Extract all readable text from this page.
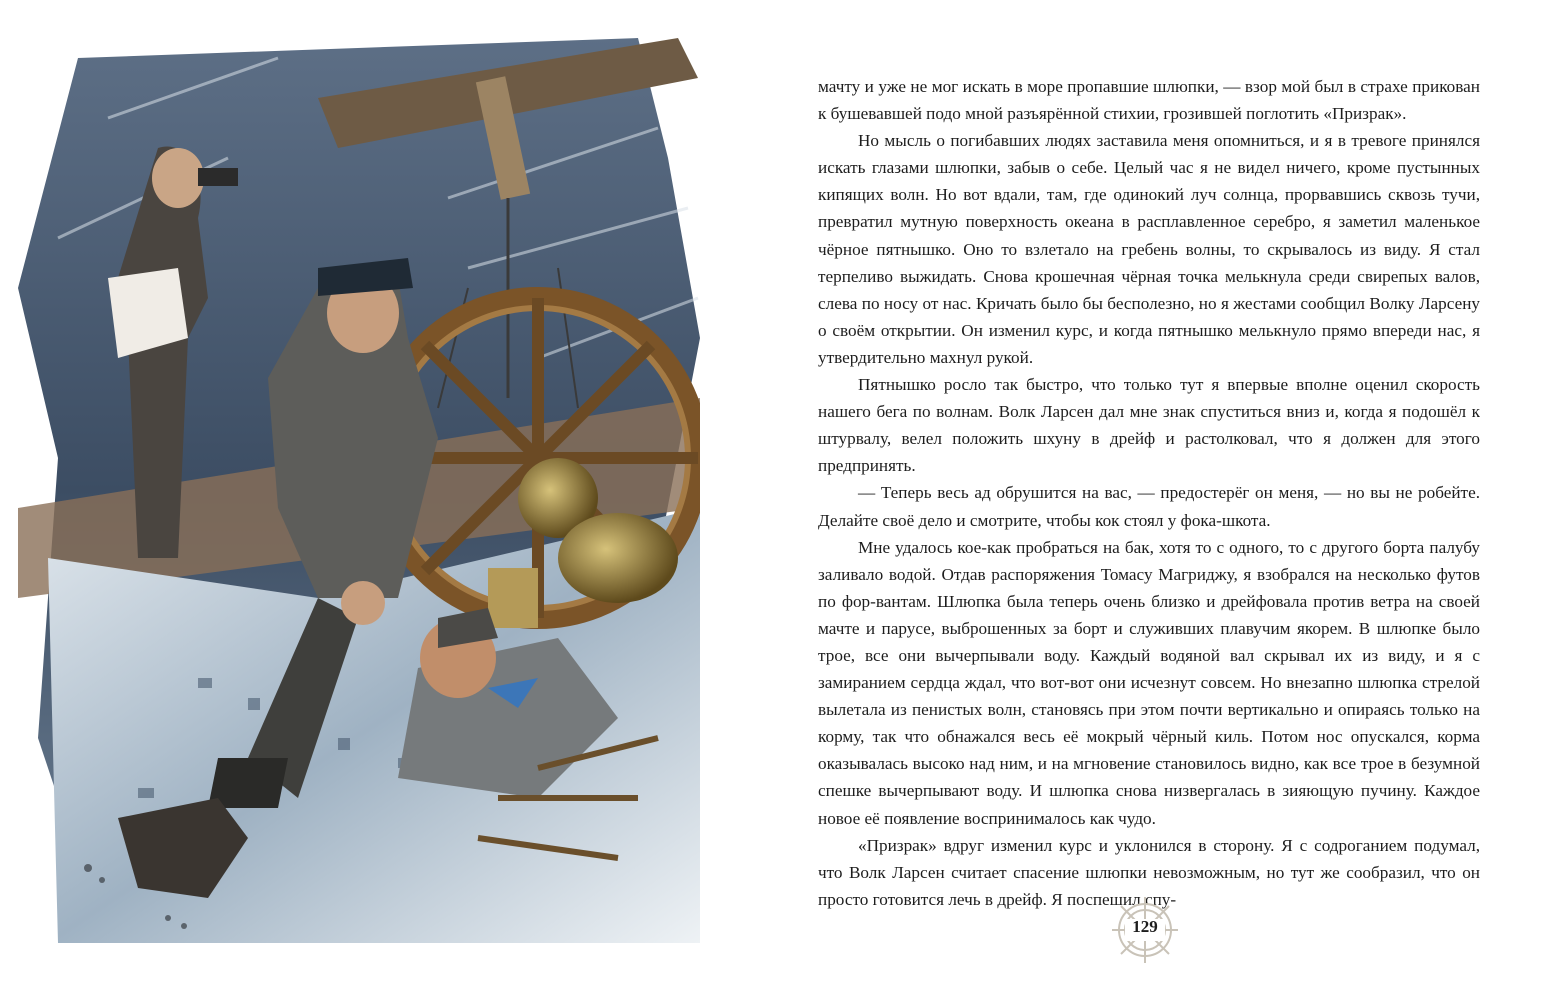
мачту и уже не мог искать в море пропавшие шлюпки, — взор мой был в страхе прикован к бушевавшей подо мной разъярённой стихии, грозившей поглотить «Призрак».

Но мысль о погибавших людях заставила меня опомниться, и я в тревоге принялся искать глазами шлюпки, забыв о себе. Целый час я не видел ничего, кроме пустынных кипящих волн. Но вот вдали, там, где одинокий луч солнца, прорвавшись сквозь тучи, превратил мутную поверхность океана в расплавленное серебро, я заметил маленькое чёрное пятнышко. Оно то взлетало на гребень волны, то скрывалось из виду. Я стал терпеливо выжидать. Снова крошечная чёрная точка мелькнула среди свирепых валов, слева по носу от нас. Кричать было бы бесполезно, но я жестами сообщил Волку Ларсену о своём открытии. Он изменил курс, и когда пятнышко мелькнуло прямо впереди нас, я утвердительно махнул рукой.

Пятнышко росло так быстро, что только тут я впервые вполне оценил скорость нашего бега по волнам. Волк Ларсен дал мне знак спуститься вниз и, когда я подошёл к штурвалу, велел положить шхуну в дрейф и растолковал, что я должен для этого предпринять.

— Теперь весь ад обрушится на вас, — предостерёг он меня, — но вы не робейте. Делайте своё дело и смотрите, чтобы кок стоял у фока-шкота.

Мне удалось кое-как пробраться на бак, хотя то с одного, то с другого борта палубу заливало водой. Отдав распоряжения Томасу Магриджу, я взобрался на несколько футов по фор-вантам. Шлюпка была теперь очень близко и дрейфовала против ветра на своей мачте и парусе, выброшенных за борт и служивших плавучим якорем. В шлюпке было трое, все они вычерпывали воду. Каждый водяной вал скрывал их из виду, и я с замиранием сердца ждал, что вот-вот они исчезнут совсем. Но внезапно шлюпка стрелой вылетала из пенистых волн, становясь при этом почти вертикально и опираясь только на корму, так что обнажался весь её мокрый чёрный киль. Потом нос опускался, корма оказывалась высоко над ним, и на мгновение становилось видно, как все трое в безумной спешке вычерпывают воду. И шлюпка снова низвергалась в зияющую пучину. Каждое новое её появление воспринималось как чудо.

«Призрак» вдруг изменил курс и уклонился в сторону. Я с содроганием подумал, что Волк Ларсен считает спасение шлюпки невозможным, но тут же сообразил, что он просто готовится лечь в дрейф. Я поспешил спу-

129
